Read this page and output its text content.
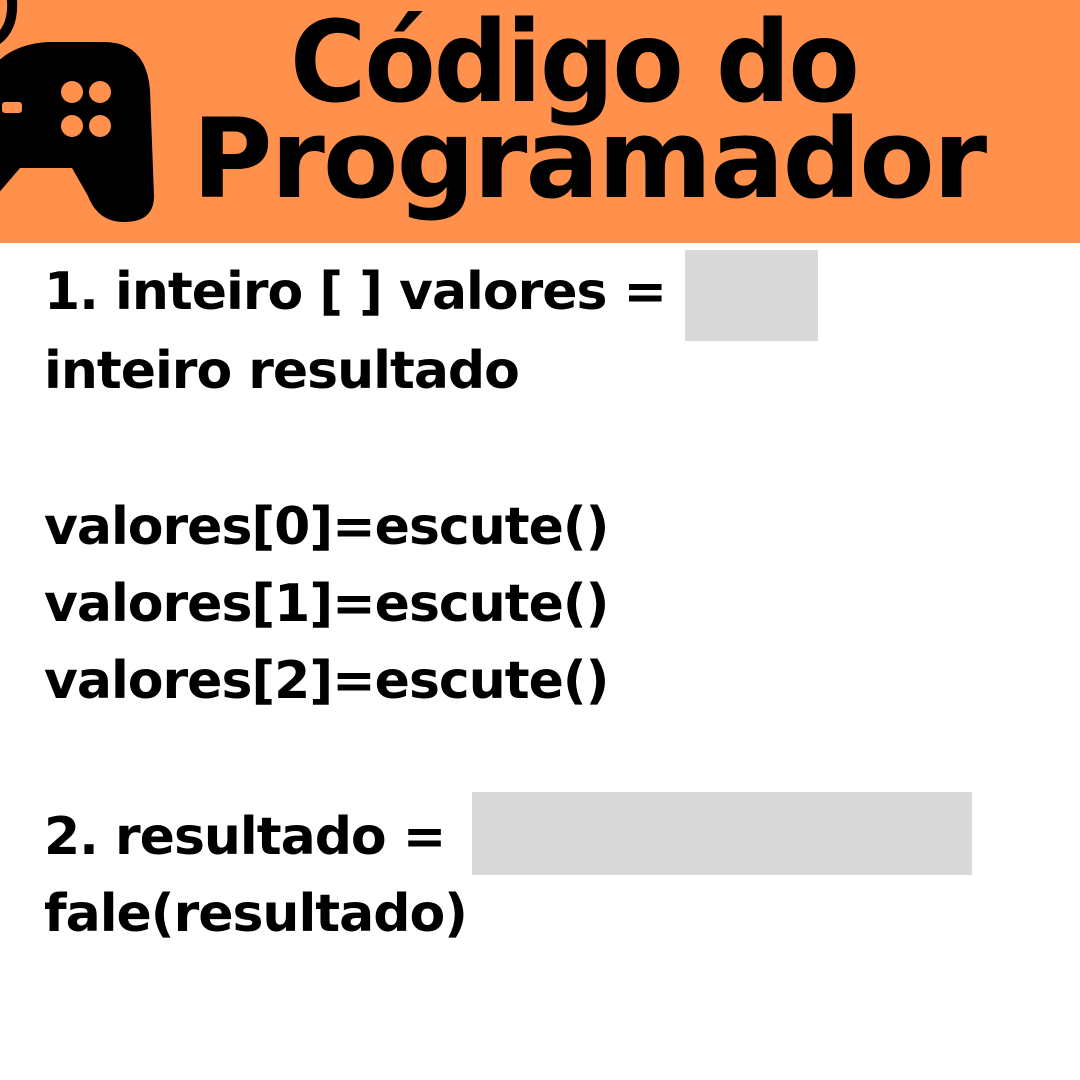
Código do
Programador
1. inteiro [ ] valores =
inteiro resultado
valores[0]=escute()
valores[1]=escute()
valores[2]=escute()
2. resultado =
fale(resultado)
